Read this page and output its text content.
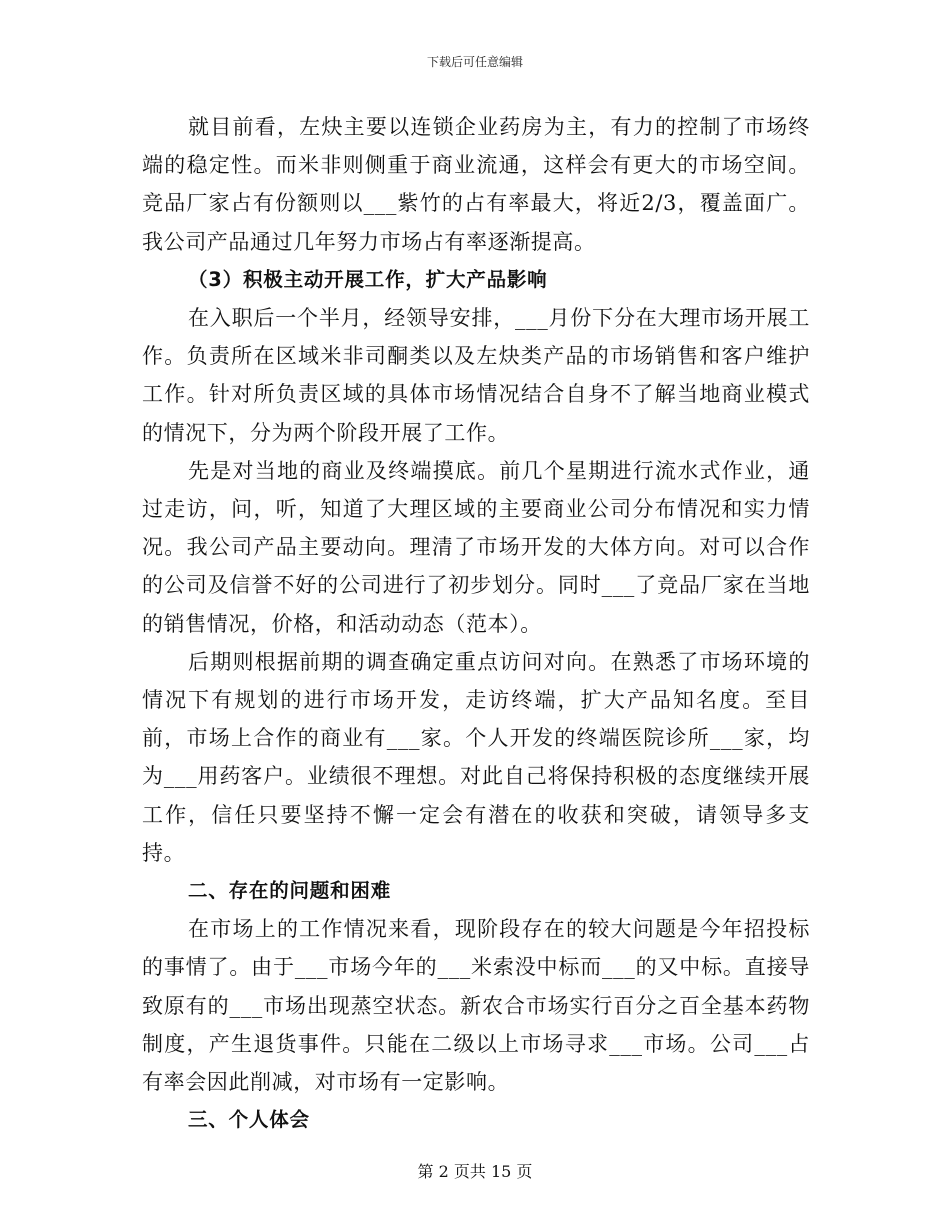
下载后可任意编辑

就目前看，左炔主要以连锁企业药房为主，有力的控制了市场终端的稳定性。而米非则侧重于商业流通，这样会有更大的市场空间。竞品厂家占有份额则以___紫竹的占有率最大，将近2/3，覆盖面广。我公司产品通过几年努力市场占有率逐渐提高。

（3）积极主动开展工作，扩大产品影响

在入职后一个半月，经领导安排，___月份下分在大理市场开展工作。负责所在区域米非司酮类以及左炔类产品的市场销售和客户维护工作。针对所负责区域的具体市场情况结合自身不了解当地商业模式的情况下，分为两个阶段开展了工作。

先是对当地的商业及终端摸底。前几个星期进行流水式作业，通过走访，问，听，知道了大理区域的主要商业公司分布情况和实力情况。我公司产品主要动向。理清了市场开发的大体方向。对可以合作的公司及信誉不好的公司进行了初步划分。同时___了竞品厂家在当地的销售情况，价格，和活动动态（范本）。

后期则根据前期的调查确定重点访问对向。在熟悉了市场环境的情况下有规划的进行市场开发，走访终端，扩大产品知名度。至目前，市场上合作的商业有___家。个人开发的终端医院诊所___家，均为___用药客户。业绩很不理想。对此自己将保持积极的态度继续开展工作，信任只要坚持不懈一定会有潜在的收获和突破，请领导多支持。

二、存在的问题和困难

在市场上的工作情况来看，现阶段存在的较大问题是今年招投标的事情了。由于___市场今年的___米索没中标而___的又中标。直接导致原有的___市场出现蒸空状态。新农合市场实行百分之百全基本药物制度，产生退货事件。只能在二级以上市场寻求___市场。公司___占有率会因此削减，对市场有一定影响。

三、个人体会

第 2 页共 15 页
